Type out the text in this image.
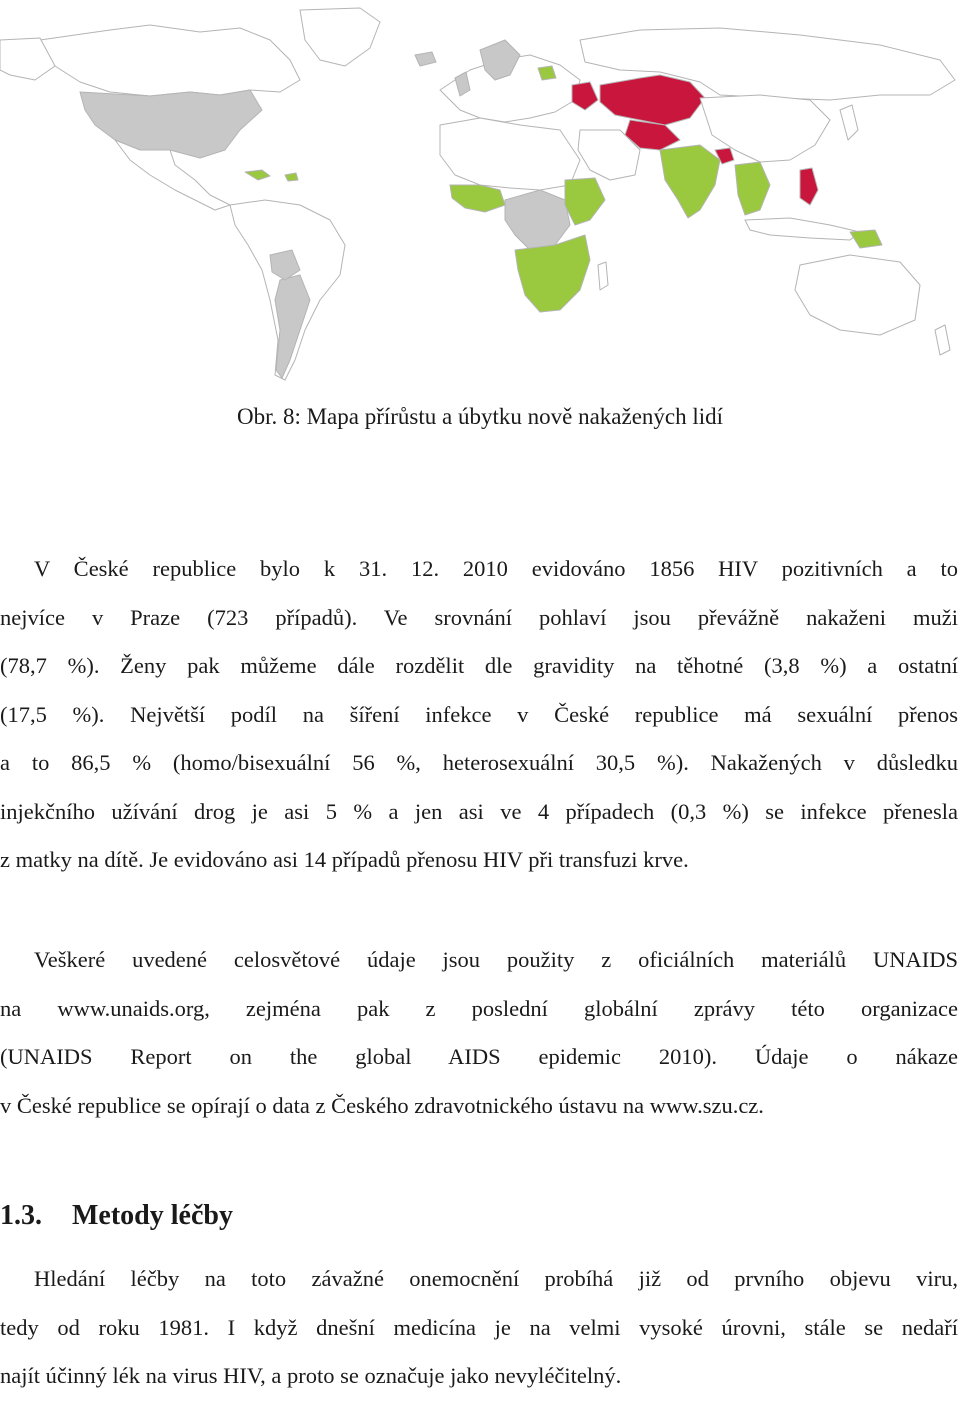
Obr. 8: Mapa přírůstu a úbytku nově nakažených lidí
V České republice bylo k 31. 12. 2010 evidováno 1856 HIV pozitivních a to
nejvíce v Praze (723 případů). Ve srovnání pohlaví jsou převážně nakaženi muži
(78,7 %). Ženy pak můžeme dále rozdělit dle gravidity na těhotné (3,8 %) a ostatní
(17,5 %). Největší podíl na šíření infekce v České republice má sexuální přenos
a to 86,5 % (homo/bisexuální 56 %, heterosexuální 30,5 %). Nakažených v důsledku
injekčního užívání drog je asi 5 % a jen asi ve 4 případech (0,3 %) se infekce přenesla
z matky na dítě. Je evidováno asi 14 případů přenosu HIV při transfuzi krve.
Veškeré uvedené celosvětové údaje jsou použity z oficiálních materiálů UNAIDS
na www.unaids.org, zejména pak z poslední globální zprávy této organizace
(UNAIDS Report on the global AIDS epidemic 2010). Údaje o nákaze
v České republice se opírají o data z Českého zdravotnického ústavu na www.szu.cz.
1.3. Metody léčby
Hledání léčby na toto závažné onemocnění probíhá již od prvního objevu viru,
tedy od roku 1981. I když dnešní medicína je na velmi vysoké úrovni, stále se nedaří
najít účinný lék na virus HIV, a proto se označuje jako nevyléčitelný.
